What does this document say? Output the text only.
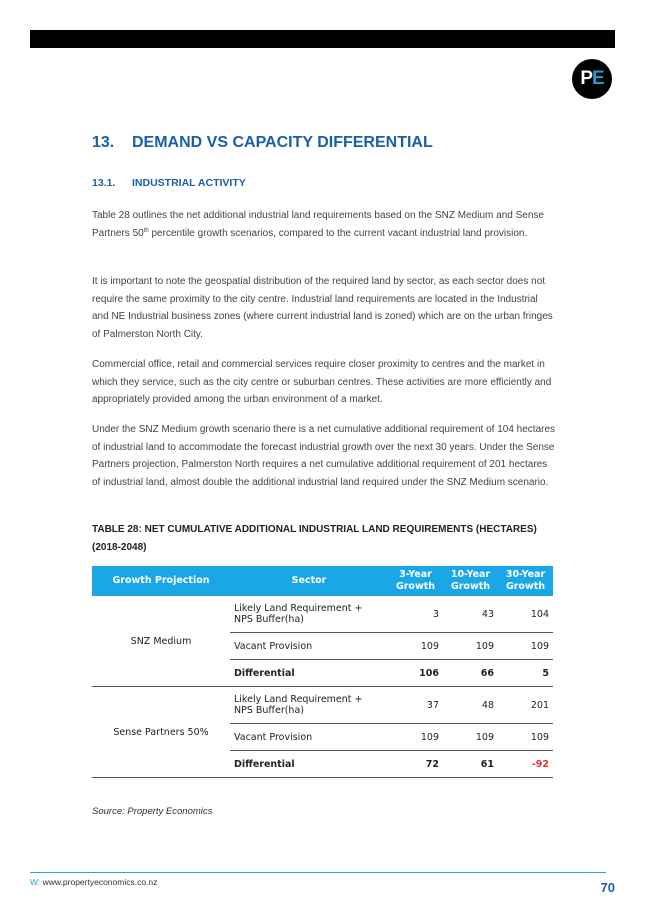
PE
13. DEMAND VS CAPACITY DIFFERENTIAL
13.1. INDUSTRIAL ACTIVITY

Table 28 outlines the net additional industrial land requirements based on the SNZ Medium and Sense Partners 50th percentile growth scenarios, compared to the current vacant industrial land provision.

It is important to note the geospatial distribution of the required land by sector, as each sector does not require the same proximity to the city centre. Industrial land requirements are located in the Industrial and NE Industrial business zones (where current industrial land is zoned) which are on the urban fringes of Palmerston North City.

Commercial office, retail and commercial services require closer proximity to centres and the market in which they service, such as the city centre or suburban centres. These activities are more efficiently and appropriately provided among the urban environment of a market.

Under the SNZ Medium growth scenario there is a net cumulative additional requirement of 104 hectares of industrial land to accommodate the forecast industrial growth over the next 30 years. Under the Sense Partners projection, Palmerston North requires a net cumulative additional requirement of 201 hectares of industrial land, almost double the additional industrial land required under the SNZ Medium scenario.

TABLE 28: NET CUMULATIVE ADDITIONAL INDUSTRIAL LAND REQUIREMENTS (HECTARES) (2018-2048)
Growth Projection	Sector	3-Year Growth	10-Year Growth	30-Year Growth
SNZ Medium	Likely Land Requirement + NPS Buffer(ha)	3	43	104
	Vacant Provision	109	109	109
	Differential	106	66	5
Sense Partners 50%	Likely Land Requirement + NPS Buffer(ha)	37	48	201
	Vacant Provision	109	109	109
	Differential	72	61	-92
Source: Property Economics
W: www.propertyeconomics.co.nz	70
